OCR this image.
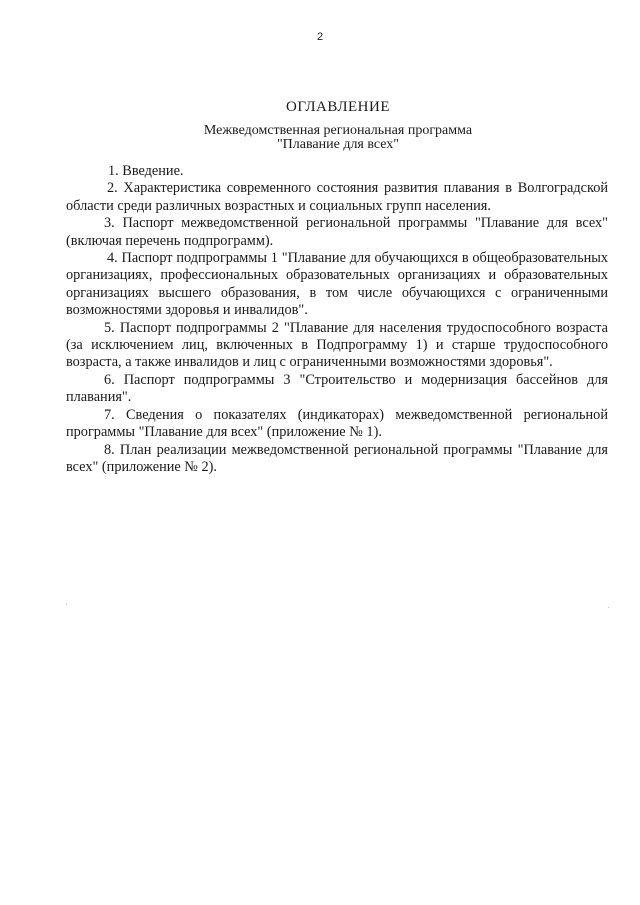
2
ОГЛАВЛЕНИЕ
Межведомственная региональная программа
"Плавание для всех"

1. Введение.

2. Характеристика современного состояния развития плавания в Волгоградской области среди различных возрастных и социальных групп населения.

3. Паспорт межведомственной региональной программы "Плавание для всех" (включая перечень подпрограмм).

4. Паспорт подпрограммы 1 "Плавание для обучающихся в общеобразовательных организациях, профессиональных образовательных организациях и образовательных организациях высшего образования, в том числе обучающихся с ограниченными возможностями здоровья и инвалидов".

5. Паспорт подпрограммы 2 "Плавание для населения трудоспособного возраста (за исключением лиц, включенных в Подпрограмму 1) и старше трудоспособного возраста, а также инвалидов и лиц с ограниченными возможностями здоровья".

6. Паспорт подпрограммы 3 "Строительство и модернизация бассейнов для плавания".

7. Сведения о показателях (индикаторах) межведомственной региональной программы "Плавание для всех" (приложение № 1).

8. План реализации межведомственной региональной программы "Плавание для всех" (приложение № 2).
